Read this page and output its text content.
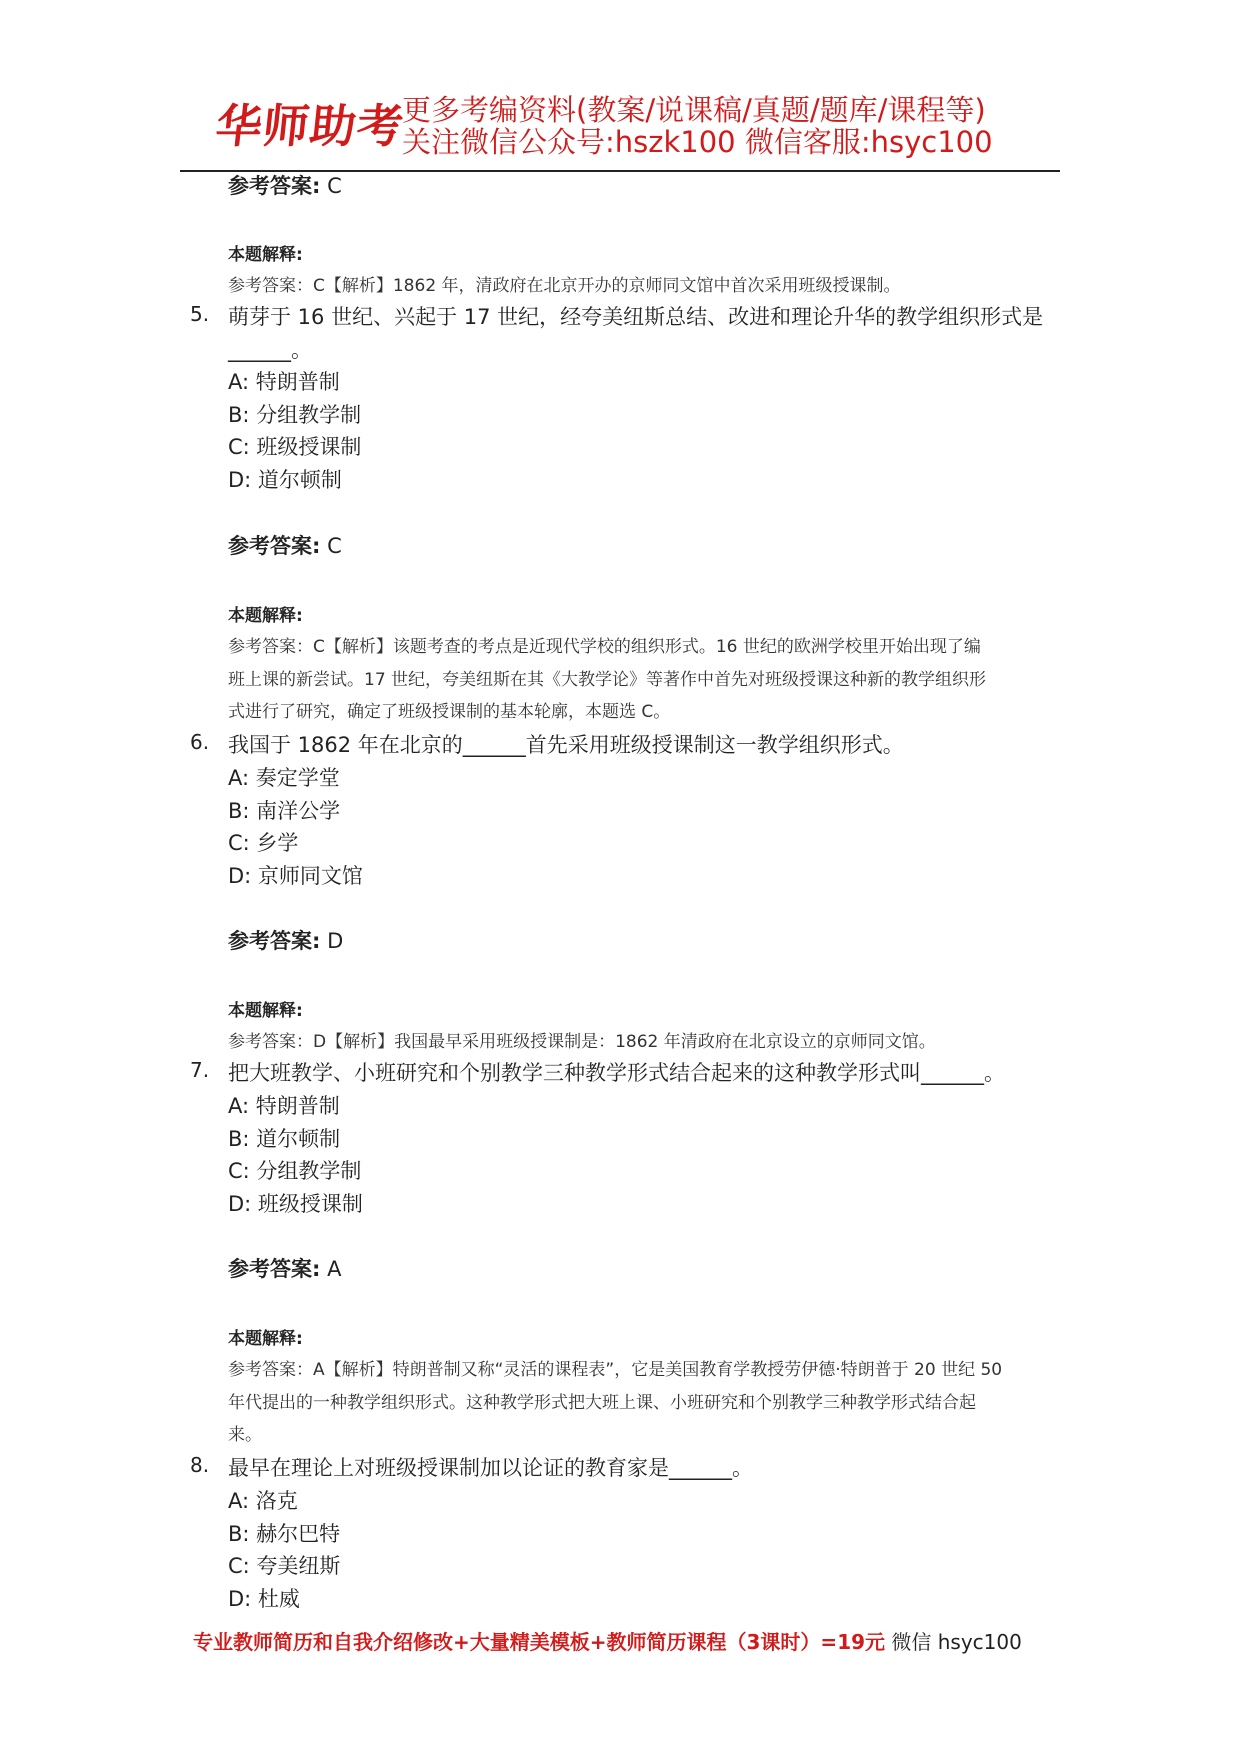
华师助考
更多考编资料(教案/说课稿/真题/题库/课程等)
关注微信公众号:hszk100 微信客服:hsyc100
参考答案: C
本题解释:
参考答案：C【解析】1862 年，清政府在北京开办的京师同文馆中首次采用班级授课制。
5. 萌芽于 16 世纪、兴起于 17 世纪，经夸美纽斯总结、改进和理论升华的教学组织形式是
______。
A: 特朗普制
B: 分组教学制
C: 班级授课制
D: 道尔顿制
参考答案: C
本题解释:
参考答案：C【解析】该题考查的考点是近现代学校的组织形式。16 世纪的欧洲学校里开始出现了编
班上课的新尝试。17 世纪，夸美纽斯在其《大教学论》等著作中首先对班级授课这种新的教学组织形
式进行了研究，确定了班级授课制的基本轮廓，本题选 C。
6. 我国于 1862 年在北京的______首先采用班级授课制这一教学组织形式。
A: 奏定学堂
B: 南洋公学
C: 乡学
D: 京师同文馆
参考答案: D
本题解释:
参考答案：D【解析】我国最早采用班级授课制是：1862 年清政府在北京设立的京师同文馆。
7. 把大班教学、小班研究和个别教学三种教学形式结合起来的这种教学形式叫______。
A: 特朗普制
B: 道尔顿制
C: 分组教学制
D: 班级授课制
参考答案: A
本题解释:
参考答案：A【解析】特朗普制又称“灵活的课程表”，它是美国教育学教授劳伊德·特朗普于 20 世纪 50
年代提出的一种教学组织形式。这种教学形式把大班上课、小班研究和个别教学三种教学形式结合起
来。
8. 最早在理论上对班级授课制加以论证的教育家是______。
A: 洛克
B: 赫尔巴特
C: 夸美纽斯
D: 杜威
专业教师简历和自我介绍修改+大量精美模板+教师简历课程（3课时）=19元 微信 hsyc100
